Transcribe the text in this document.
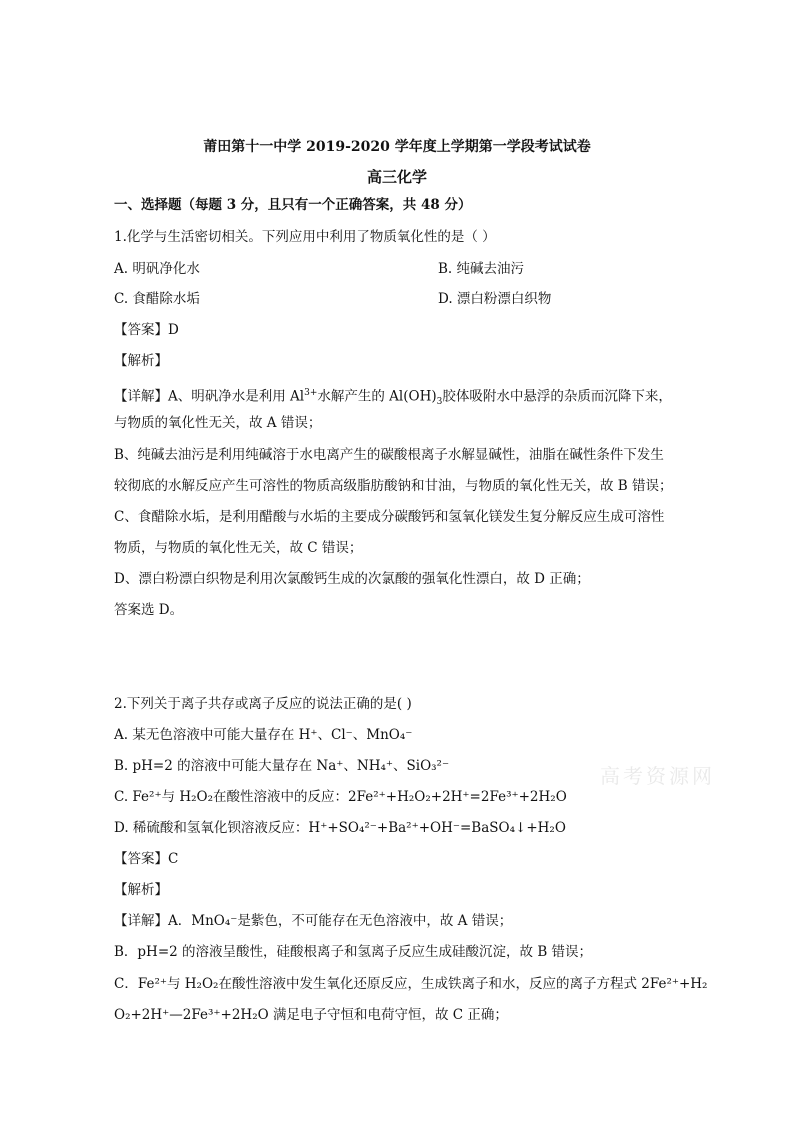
莆田第十一中学 2019-2020 学年度上学期第一学段考试试卷
高三化学
一、选择题（每题 3 分，且只有一个正确答案，共 48 分）
1.化学与生活密切相关。下列应用中利用了物质氧化性的是（ ）
A. 明矾净化水	B. 纯碱去油污
C. 食醋除水垢	D. 漂白粉漂白织物
【答案】D
【解析】
【详解】A、明矾净水是利用 $Al^{3+}$水解产生的 $Al(OH)_3$胶体吸附水中悬浮的杂质而沉降下来，
与物质的氧化性无关，故 A 错误；
B、纯碱去油污是利用纯碱溶于水电离产生的碳酸根离子水解显碱性，油脂在碱性条件下发生
较彻底的水解反应产生可溶性的物质高级脂肪酸钠和甘油，与物质的氧化性无关，故 B 错误；
C、食醋除水垢，是利用醋酸与水垢的主要成分碳酸钙和氢氧化镁发生复分解反应生成可溶性
物质，与物质的氧化性无关，故 C 错误；
D、漂白粉漂白织物是利用次氯酸钙生成的次氯酸的强氧化性漂白，故 D 正确；
答案选 D。
2.下列关于离子共存或离子反应的说法正确的是( )
A. 某无色溶液中可能大量存在 H⁺、Cl⁻、MnO₄⁻
B. pH=2 的溶液中可能大量存在 Na⁺、NH₄⁺、SiO₃²⁻
C. Fe²⁺与 H₂O₂在酸性溶液中的反应：2Fe²⁺+H₂O₂+2H⁺=2Fe³⁺+2H₂O
D. 稀硫酸和氢氧化钡溶液反应：H⁺+SO₄²⁻+Ba²⁺+OH⁻=BaSO₄↓+H₂O
【答案】C
【解析】
【详解】A．MnO₄⁻是紫色，不可能存在无色溶液中，故 A 错误；
B．pH=2 的溶液呈酸性，硅酸根离子和氢离子反应生成硅酸沉淀，故 B 错误；
C．Fe²⁺与 H₂O₂在酸性溶液中发生氧化还原反应，生成铁离子和水，反应的离子方程式 2Fe²⁺+H₂
O₂+2H⁺—2Fe³⁺+2H₂O 满足电子守恒和电荷守恒，故 C 正确；
高考资源网
